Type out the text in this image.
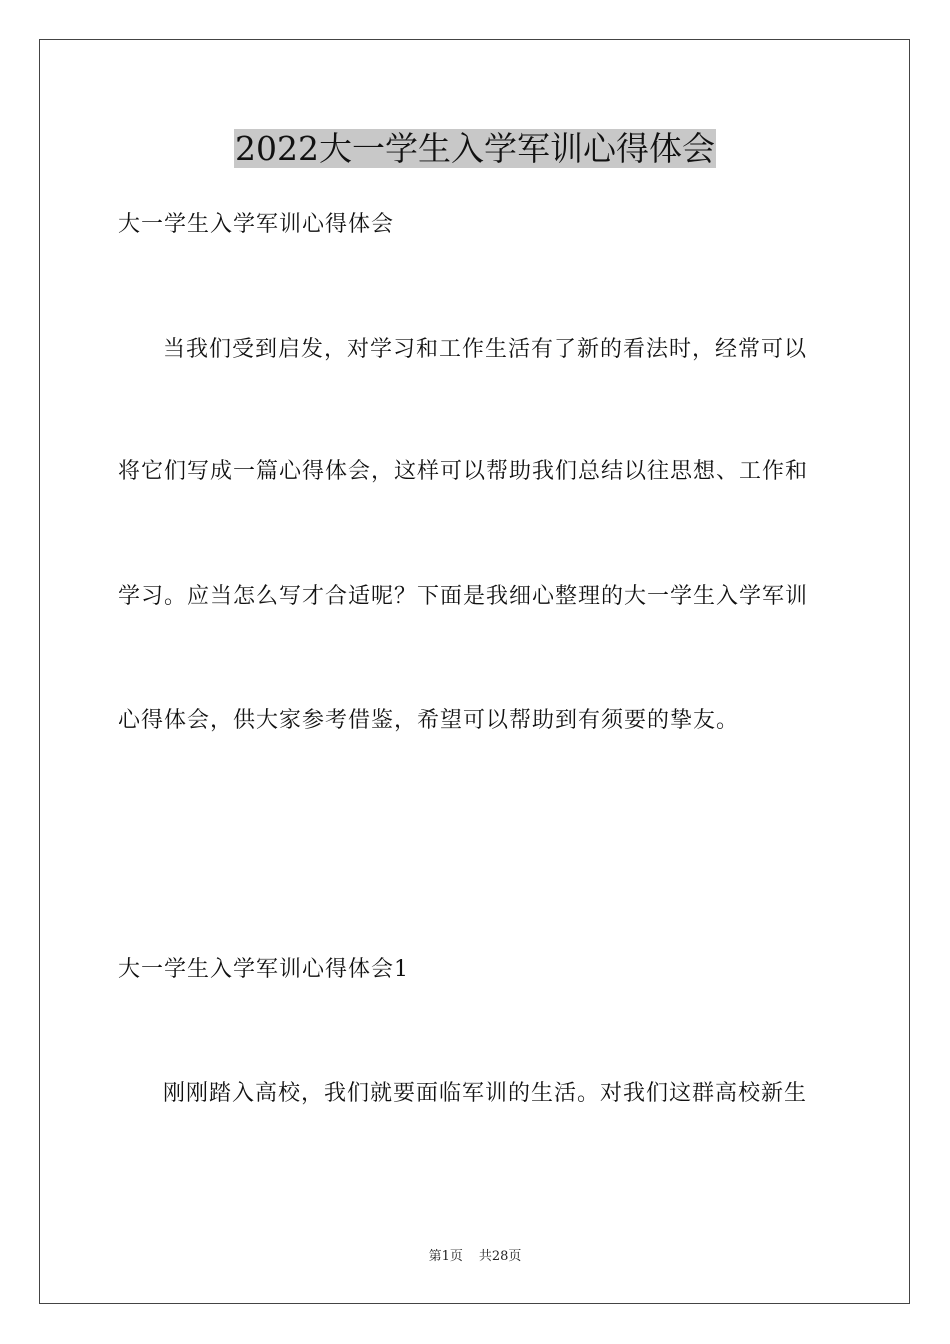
2022大一学生入学军训心得体会

大一学生入学军训心得体会

当我们受到启发，对学习和工作生活有了新的看法时，经常可以

将它们写成一篇心得体会，这样可以帮助我们总结以往思想、工作和

学习。应当怎么写才合适呢？下面是我细心整理的大一学生入学军训

心得体会，供大家参考借鉴，希望可以帮助到有须要的挚友。

大一学生入学军训心得体会1

刚刚踏入高校，我们就要面临军训的生活。对我们这群高校新生

第1页 共28页
